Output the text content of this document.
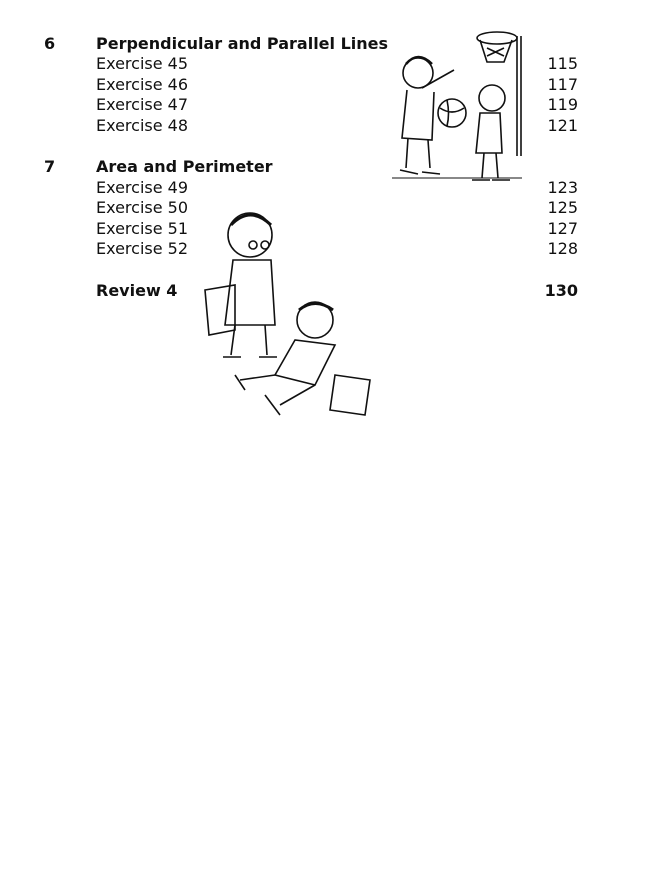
6	Perpendicular and Parallel Lines
Exercise 45	115
Exercise 46	117
Exercise 47	119
Exercise 48	121
7	Area and Perimeter
Exercise 49	123
Exercise 50	125
Exercise 51	127
Exercise 52	128
Review 4	130
